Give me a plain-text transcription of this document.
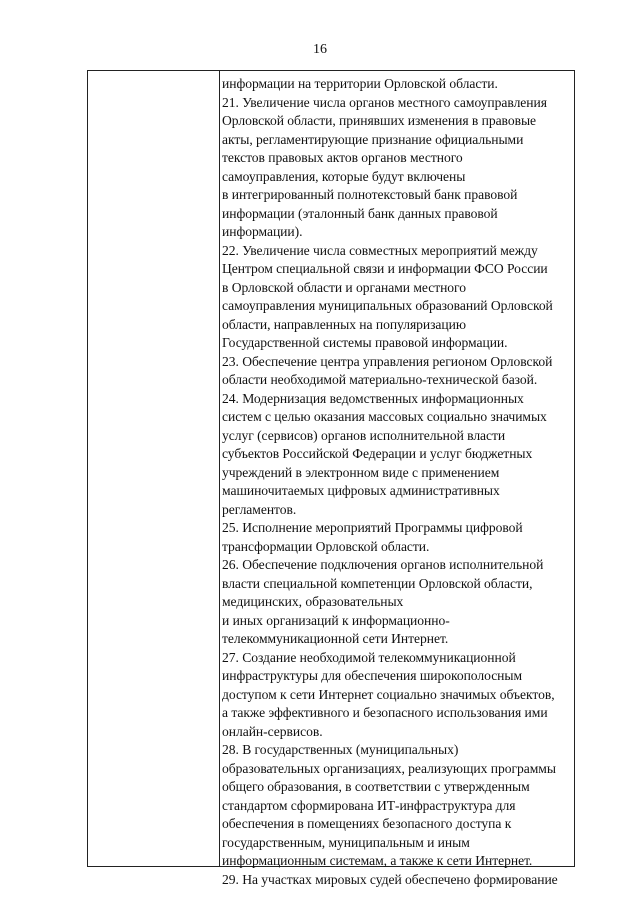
16
информации на территории Орловской области.
21. Увеличение числа органов местного самоуправления
Орловской области, принявших изменения в правовые
акты, регламентирующие признание официальными
текстов правовых актов органов местного
самоуправления, которые будут включены
в интегрированный полнотекстовый банк правовой
информации (эталонный банк данных правовой
информации).
22. Увеличение числа совместных мероприятий между
Центром специальной связи и информации ФСО России
в Орловской области и органами местного
самоуправления муниципальных образований Орловской
области, направленных на популяризацию
Государственной системы правовой информации.
23. Обеспечение центра управления регионом Орловской
области необходимой материально-технической базой.
24. Модернизация ведомственных информационных
систем с целью оказания массовых социально значимых
услуг (сервисов) органов исполнительной власти
субъектов Российской Федерации и услуг бюджетных
учреждений в электронном виде с применением
машиночитаемых цифровых административных
регламентов.
25. Исполнение мероприятий Программы цифровой
трансформации Орловской области.
26. Обеспечение подключения органов исполнительной
власти специальной компетенции Орловской области,
медицинских, образовательных
и иных организаций к информационно-
телекоммуникационной сети Интернет.
27. Создание необходимой телекоммуникационной
инфраструктуры для обеспечения широкополосным
доступом к сети Интернет социально значимых объектов,
а также эффективного и безопасного использования ими
онлайн-сервисов.
28. В государственных (муниципальных)
образовательных организациях, реализующих программы
общего образования, в соответствии с утвержденным
стандартом сформирована ИТ-инфраструктура для
обеспечения в помещениях безопасного доступа к
государственным, муниципальным и иным
информационным системам, а также к сети Интернет.
29. На участках мировых судей обеспечено формирование
